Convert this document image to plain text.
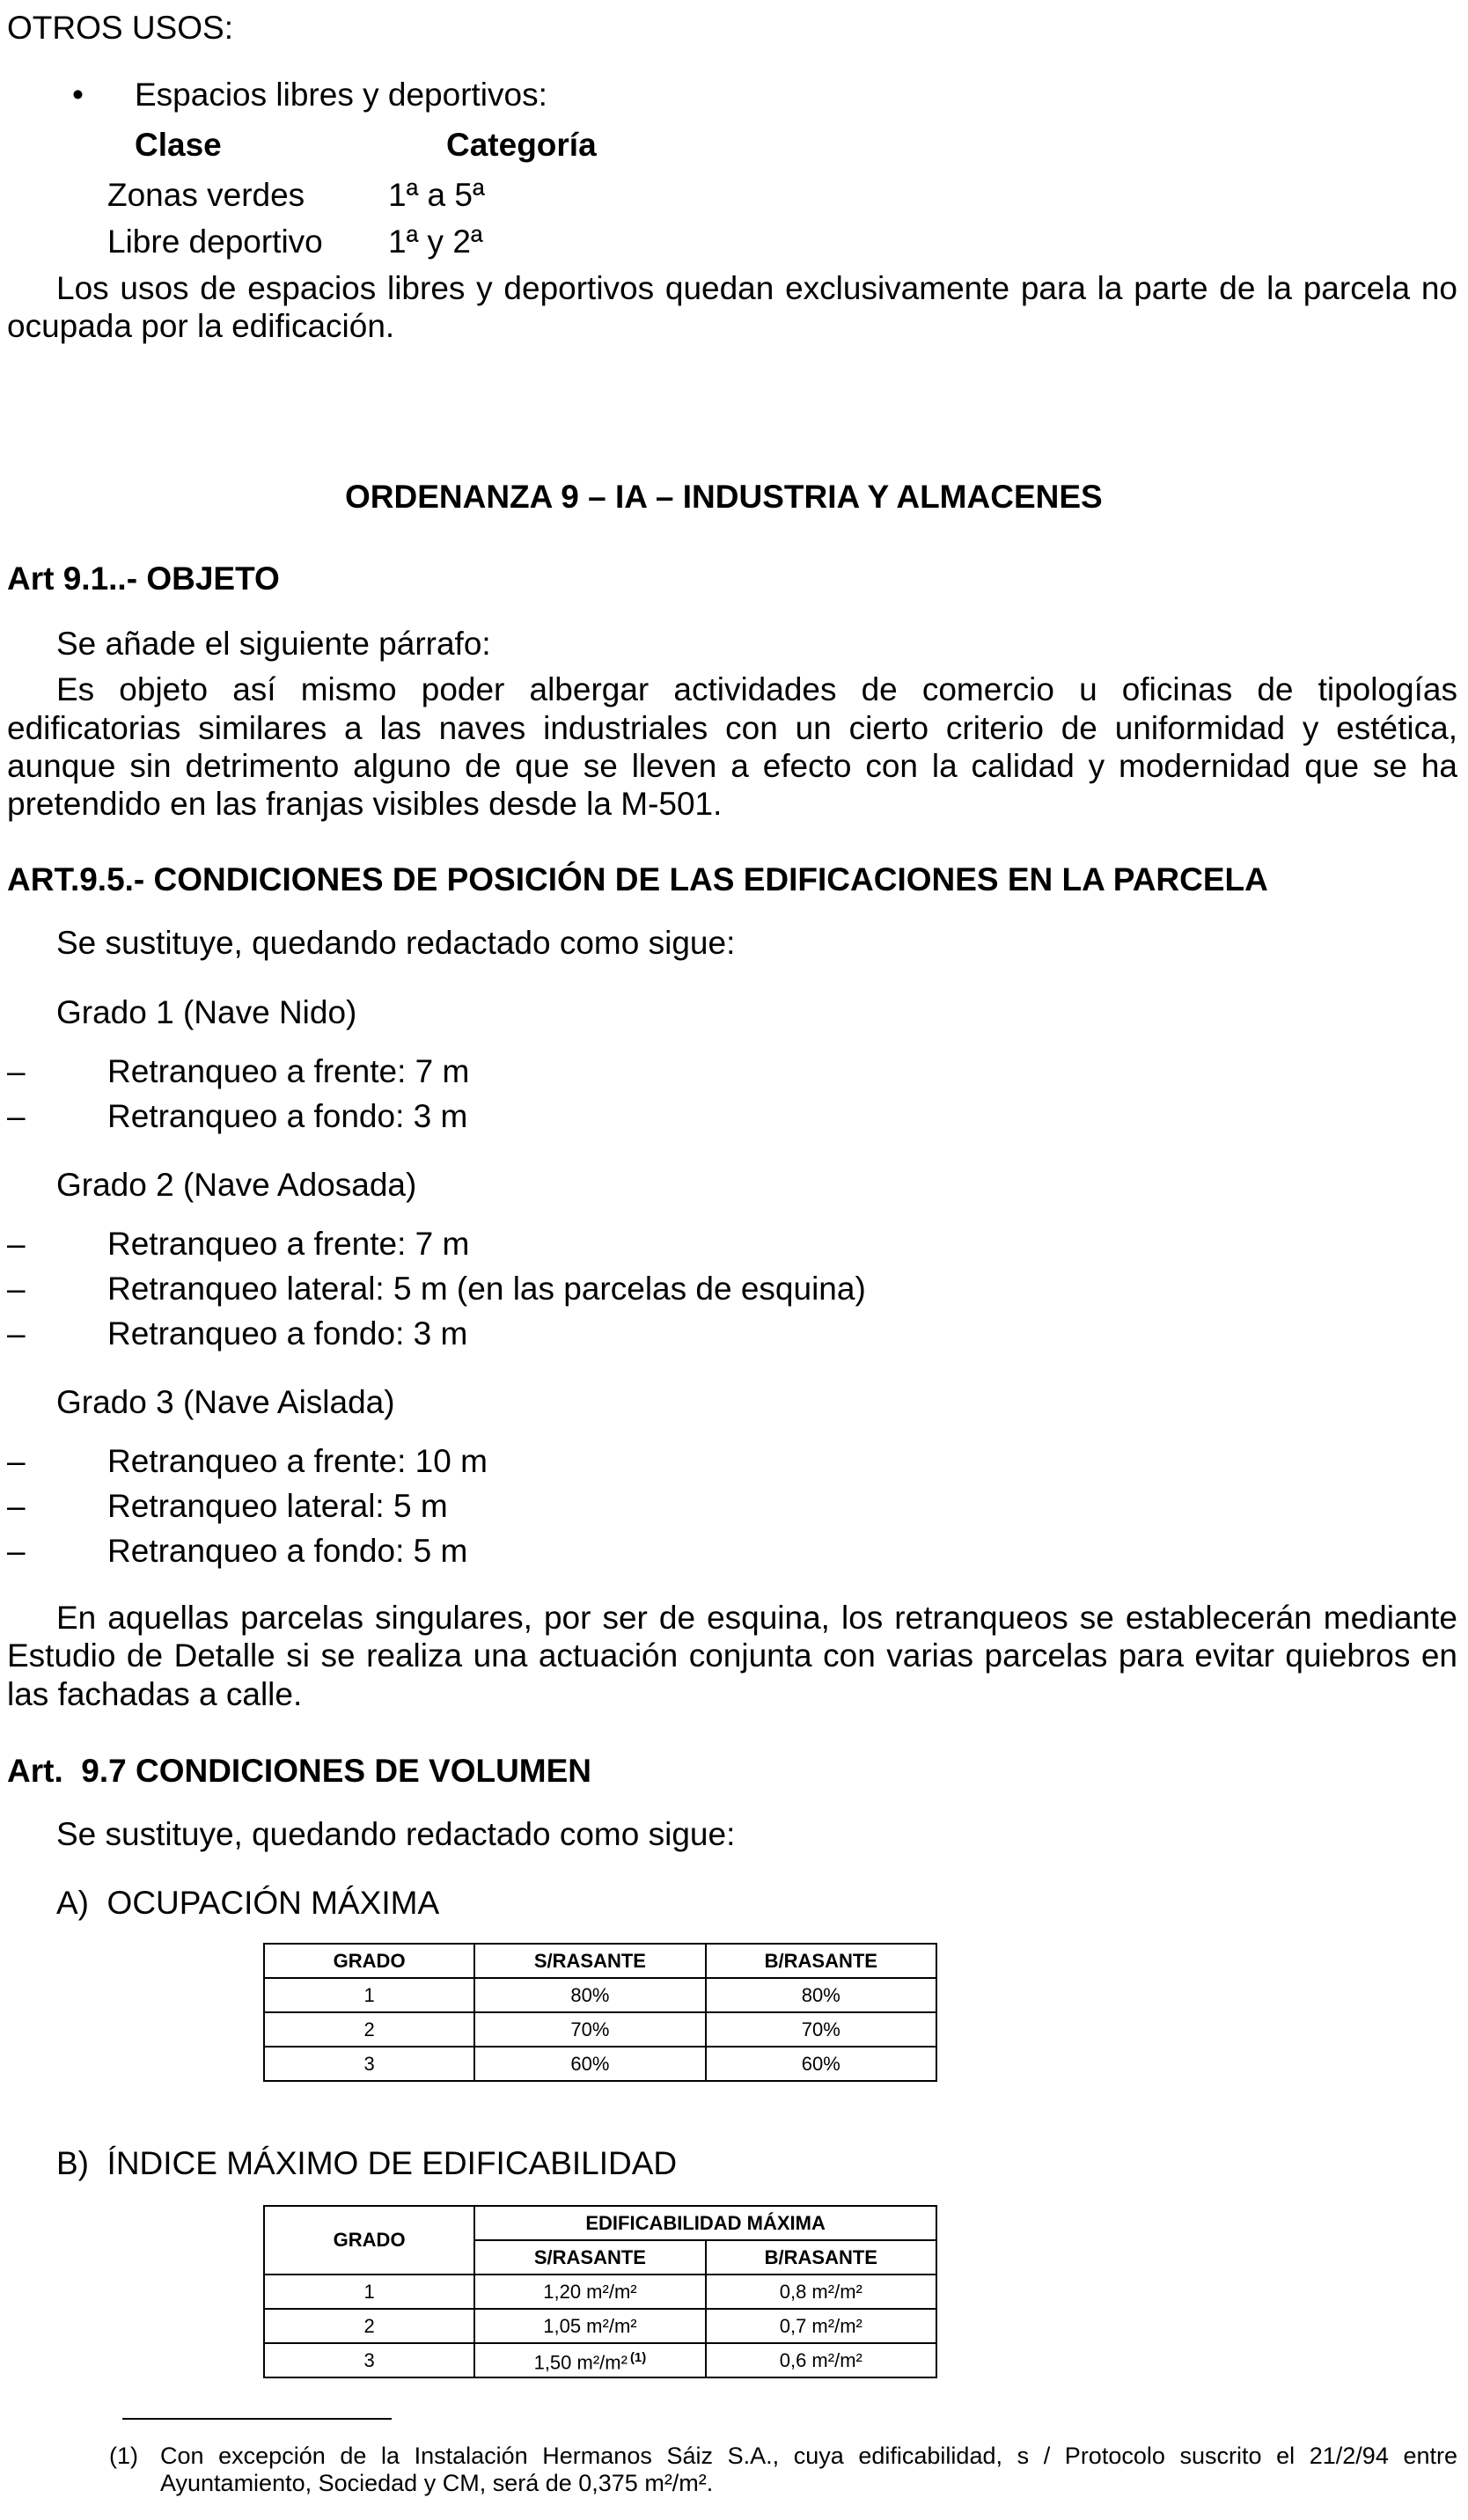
OTROS USOS:
• Espacios libres y deportivos:
Clase	Categoría
Zonas verdes	1ª a 5ª
Libre deportivo 1ª y 2ª
Los usos de espacios libres y deportivos quedan exclusivamente para la parte de la parcela no
ocupada por la edificación.
ORDENANZA 9 – IA – INDUSTRIA Y ALMACENES
Art 9.1..- OBJETO
Se añade el siguiente párrafo:
Es objeto así mismo poder albergar actividades de comercio u oficinas de tipologías
edificatorias similares a las naves industriales con un cierto criterio de uniformidad y estética,
aunque sin detrimento alguno de que se lleven a efecto con la calidad y modernidad que se ha
pretendido en las franjas visibles desde la M-501.
ART.9.5.- CONDICIONES DE POSICIÓN DE LAS EDIFICACIONES EN LA PARCELA
Se sustituye, quedando redactado como sigue:
Grado 1 (Nave Nido)
–	Retranqueo a frente: 7 m
–	Retranqueo a fondo: 3 m
Grado 2 (Nave Adosada)
–	Retranqueo a frente: 7 m
–	Retranqueo lateral: 5 m (en las parcelas de esquina)
–	Retranqueo a fondo: 3 m
Grado 3 (Nave Aislada)
–	Retranqueo a frente: 10 m
–	Retranqueo lateral: 5 m
–	Retranqueo a fondo: 5 m
En aquellas parcelas singulares, por ser de esquina, los retranqueos se establecerán mediante
Estudio de Detalle si se realiza una actuación conjunta con varias parcelas para evitar quiebros en
las fachadas a calle.
Art.  9.7 CONDICIONES DE VOLUMEN
Se sustituye, quedando redactado como sigue:
A)  OCUPACIÓN MÁXIMA
GRADO	S/RASANTE	B/RASANTE
1	80%	80%
2	70%	70%
3	60%	60%
B)  ÍNDICE MÁXIMO DE EDIFICABILIDAD
GRADO	EDIFICABILIDAD MÁXIMA	
	S/RASANTE	B/RASANTE
1	1,20 m²/m²	0,8 m²/m²
2	1,05 m²/m²	0,7 m²/m²
3	1,50 m²/m² $^{(1)}$	0,6 m²/m²
(1) Con excepción de la Instalación Hermanos Sáiz S.A., cuya edificabilidad, s / Protocolo suscrito el 21/2/94 entre
Ayuntamiento, Sociedad y CM, será de 0,375 m²/m².
